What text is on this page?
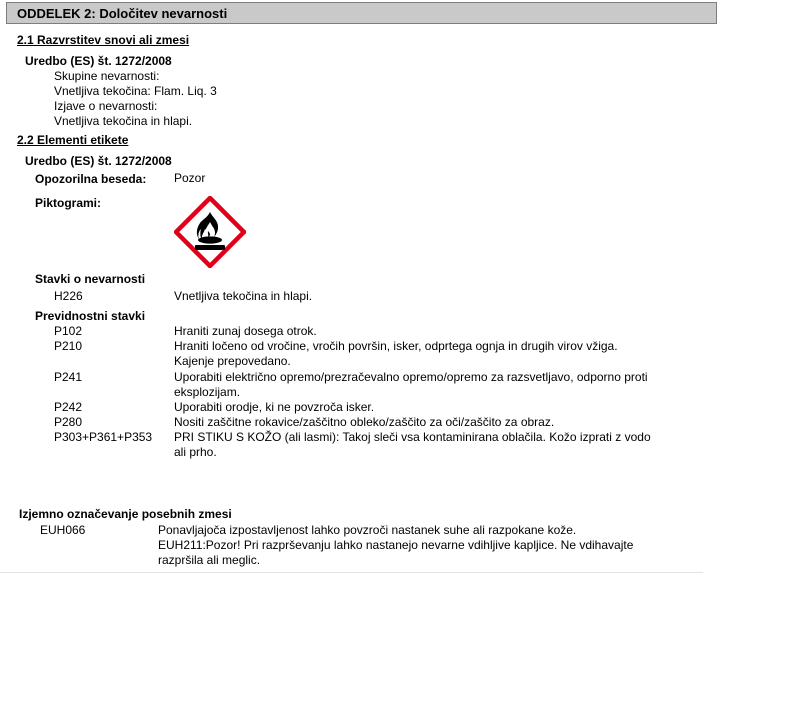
ODDELEK 2: Določitev nevarnosti
2.1 Razvrstitev snovi ali zmesi
Uredbo (ES) št. 1272/2008
Skupine nevarnosti:
Vnetljiva tekočina: Flam. Liq. 3
Izjave o nevarnosti:
Vnetljiva tekočina in hlapi.
2.2 Elementi etikete
Uredbo (ES) št. 1272/2008
Opozorilna beseda: Pozor
Piktogrami:
Stavki o nevarnosti
H226	Vnetljiva tekočina in hlapi.
Previdnostni stavki
P102	Hraniti zunaj dosega otrok.
P210	Hraniti ločeno od vročine, vročih površin, isker, odprtega ognja in drugih virov vžiga.
Kajenje prepovedano.
P241	Uporabiti električno opremo/prezračevalno opremo/opremo za razsvetljavo, odporno proti
eksplozijam.
P242	Uporabiti orodje, ki ne povzroča isker.
P280	Nositi zaščitne rokavice/zaščitno obleko/zaščito za oči/zaščito za obraz.
P303+P361+P353 PRI STIKU S KOŽO (ali lasmi): Takoj sleči vsa kontaminirana oblačila. Kožo izprati z vodo
ali prho.
Izjemno označevanje posebnih zmesi
EUH066	Ponavljajoča izpostavljenost lahko povzroči nastanek suhe ali razpokane kože.
EUH211:Pozor! Pri razprševanju lahko nastanejo nevarne vdihljive kapljice. Ne vdihavajte
razpršila ali meglic.
